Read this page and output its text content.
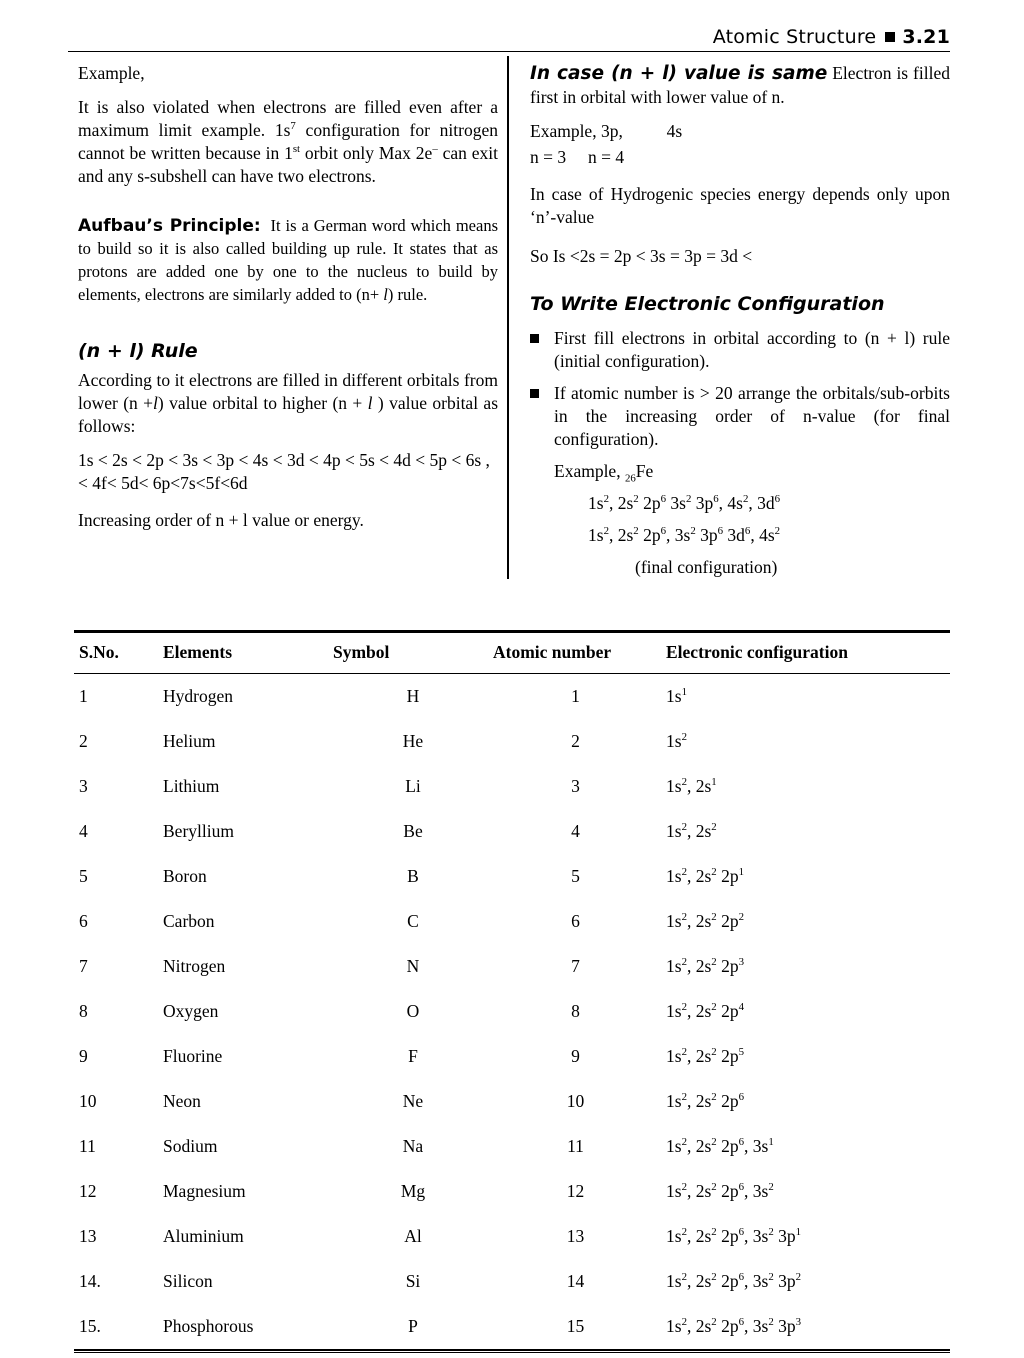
Atomic Structure 3.21

Example,

It is also violated when electrons are filled even after a maximum limit example. $1s^7$ configuration for nitrogen cannot be written because in 1st orbit only Max 2e– can exit and any s-subshell can have two electrons.

Aufbau’s Principle:  It is a German word which means to build so it is also called building up rule. It states that as protons are added one by one to the nucleus to build by elements, electrons are similarly added to (n+ l) rule.

(n + l) Rule

According to it electrons are filled in different orbitals from lower (n +l) value orbital to higher (n + l ) value orbital as follows:

1s < 2s < 2p < 3s < 3p < 4s < 3d < 4p < 5s < 4d < 5p < 6s ,< 4f< 5d< 6p<7s<5f<6d

Increasing order of n + l value or energy.

In case (n + l) value is same Electron is filled first in orbital with lower value of n.

Example, 3p,	4s
n = 3 n = 4

In case of Hydrogenic species energy depends only upon ‘n’-value

So Is <2s = 2p < 3s = 3p = 3d <

To Write Electronic Configuration
First fill electrons in orbital according to (n + l) rule (initial configuration).
If atomic number is > 20 arrange the orbitals/sub-orbits in the increasing order of n-value (for final configuration).

Example, $_{26}$Fe

$1s^2$, $2s^2$ $2p^6$ $3s^2$ $3p^6$, $4s^2$, $3d^6$

$1s^2$, $2s^2$ $2p^6$, $3s^2$ $3p^6$ $3d^6$, $4s^2$

(final configuration)

S.No.	Elements	Symbol	Atomic number	Electronic configuration
1	Hydrogen	H	1	$1s^1$
2	Helium	He	2	$1s^2$
3	Lithium	Li	3	$1s^2$, $2s^1$
4	Beryllium	Be	4	$1s^2$, $2s^2$
5	Boron	B	5	$1s^2$, $2s^2$ $2p^1$
6	Carbon	C	6	$1s^2$, $2s^2$ $2p^2$
7	Nitrogen	N	7	$1s^2$, $2s^2$ $2p^3$
8	Oxygen	O	8	$1s^2$, $2s^2$ $2p^4$
9	Fluorine	F	9	$1s^2$, $2s^2$ $2p^5$
10	Neon	Ne	10	$1s^2$, $2s^2$ $2p^6$
11	Sodium	Na	11	$1s^2$, $2s^2$ $2p^6$, $3s^1$
12	Magnesium	Mg	12	$1s^2$, $2s^2$ $2p^6$, $3s^2$
13	Aluminium	Al	13	$1s^2$, $2s^2$ $2p^6$, $3s^2$ $3p^1$
14.	Silicon	Si	14	$1s^2$, $2s^2$ $2p^6$, $3s^2$ $3p^2$
15.	Phosphorous	P	15	$1s^2$, $2s^2$ $2p^6$, $3s^2$ $3p^3$
